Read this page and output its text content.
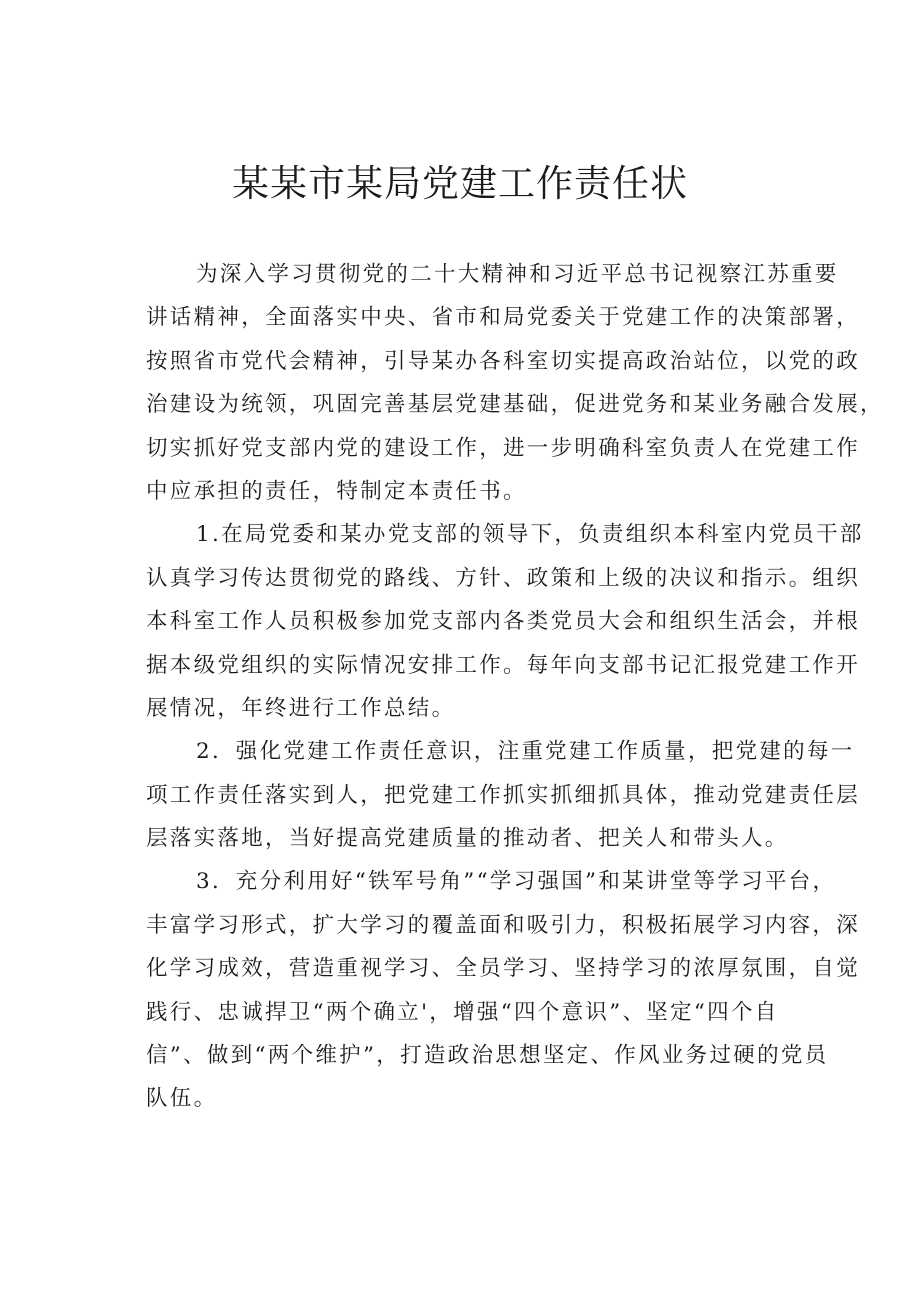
某某市某局党建工作责任状
为深入学习贯彻党的二十大精神和习近平总书记视察江苏重要
讲话精神，全面落实中央、省市和局党委关于党建工作的决策部署，
按照省市党代会精神，引导某办各科室切实提高政治站位，以党的政
治建设为统领，巩固完善基层党建基础，促进党务和某业务融合发展，
切实抓好党支部内党的建设工作，进一步明确科室负责人在党建工作
中应承担的责任，特制定本责任书。
1.在局党委和某办党支部的领导下，负责组织本科室内党员干部
认真学习传达贯彻党的路线、方针、政策和上级的决议和指示。组织
本科室工作人员积极参加党支部内各类党员大会和组织生活会，并根
据本级党组织的实际情况安排工作。每年向支部书记汇报党建工作开
展情况，年终进行工作总结。
2．强化党建工作责任意识，注重党建工作质量，把党建的每一
项工作责任落实到人，把党建工作抓实抓细抓具体，推动党建责任层
层落实落地，当好提高党建质量的推动者、把关人和带头人。
3．充分利用好“铁军号角”“学习强国”和某讲堂等学习平台，
丰富学习形式，扩大学习的覆盖面和吸引力，积极拓展学习内容，深
化学习成效，营造重视学习、全员学习、坚持学习的浓厚氛围，自觉
践行、忠诚捍卫“两个确立'，增强“四个意识”、坚定“四个自
信”、做到“两个维护”，打造政治思想坚定、作风业务过硬的党员
队伍。
